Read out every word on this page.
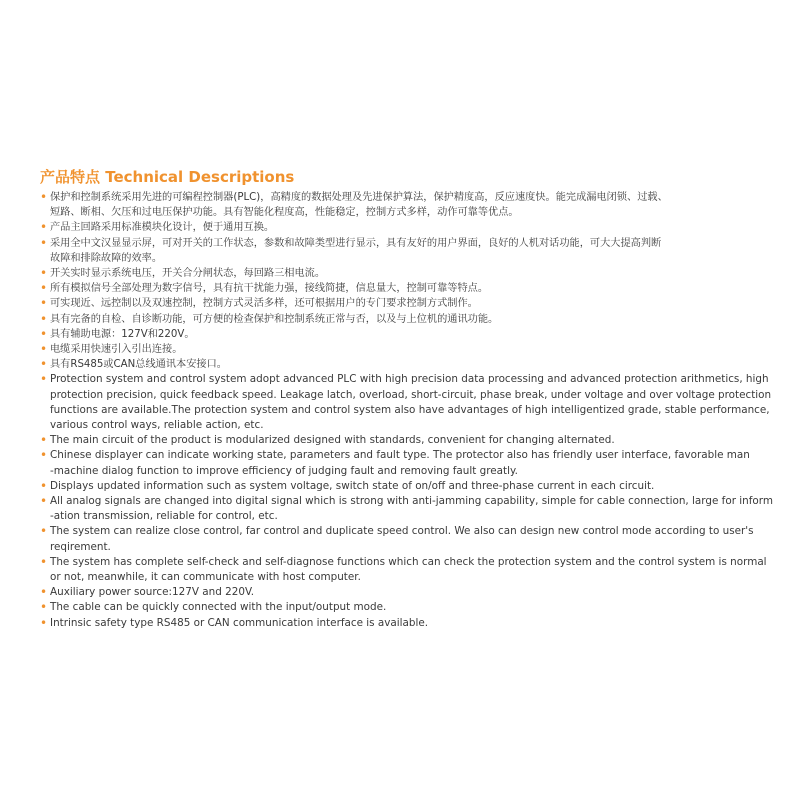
产品特点 Technical Descriptions
• 保护和控制系统采用先进的可编程控制器(PLC)，高精度的数据处理及先进保护算法，保护精度高，反应速度快。能完成漏电闭锁、过载、
短路、断相、欠压和过电压保护功能。具有智能化程度高，性能稳定，控制方式多样，动作可靠等优点。
• 产品主回路采用标准模块化设计，便于通用互换。
• 采用全中文汉显显示屏，可对开关的工作状态，参数和故障类型进行显示，具有友好的用户界面，良好的人机对话功能，可大大提高判断
故障和排除故障的效率。
• 开关实时显示系统电压，开关合分闸状态，每回路三相电流。
• 所有模拟信号全部处理为数字信号，具有抗干扰能力强，接线简捷，信息量大，控制可靠等特点。
• 可实现近、远控制以及双速控制，控制方式灵活多样，还可根据用户的专门要求控制方式制作。
• 具有完备的自检、自诊断功能，可方便的检查保护和控制系统正常与否，以及与上位机的通讯功能。
• 具有辅助电源：127V和220V。
• 电缆采用快速引入引出连接。
• 具有RS485或CAN总线通讯本安接口。
• Protection system and control system adopt advanced PLC with high precision data processing and advanced protection arithmetics, high
protection precision, quick feedback speed. Leakage latch, overload, short-circuit, phase break, under voltage and over voltage protection
functions are available.The protection system and control system also have advantages of high intelligentized grade, stable performance,
various control ways, reliable action, etc.
• The main circuit of the product is modularized designed with standards, convenient for changing alternated.
• Chinese displayer can indicate working state, parameters and fault type. The protector also has friendly user interface, favorable man
-machine dialog function to improve efficiency of judging fault and removing fault greatly.
• Displays updated information such as system voltage, switch state of on/off and three-phase current in each circuit.
• All analog signals are changed into digital signal which is strong with anti-jamming capability, simple for cable connection, large for inform
-ation transmission, reliable for control, etc.
• The system can realize close control, far control and duplicate speed control. We also can design new control mode according to user's
reqirement.
• The system has complete self-check and self-diagnose functions which can check the protection system and the control system is normal
or not, meanwhile, it can communicate with host computer.
• Auxiliary power source:127V and 220V.
• The cable can be quickly connected with the input/output mode.
• Intrinsic safety type RS485 or CAN communication interface is available.
